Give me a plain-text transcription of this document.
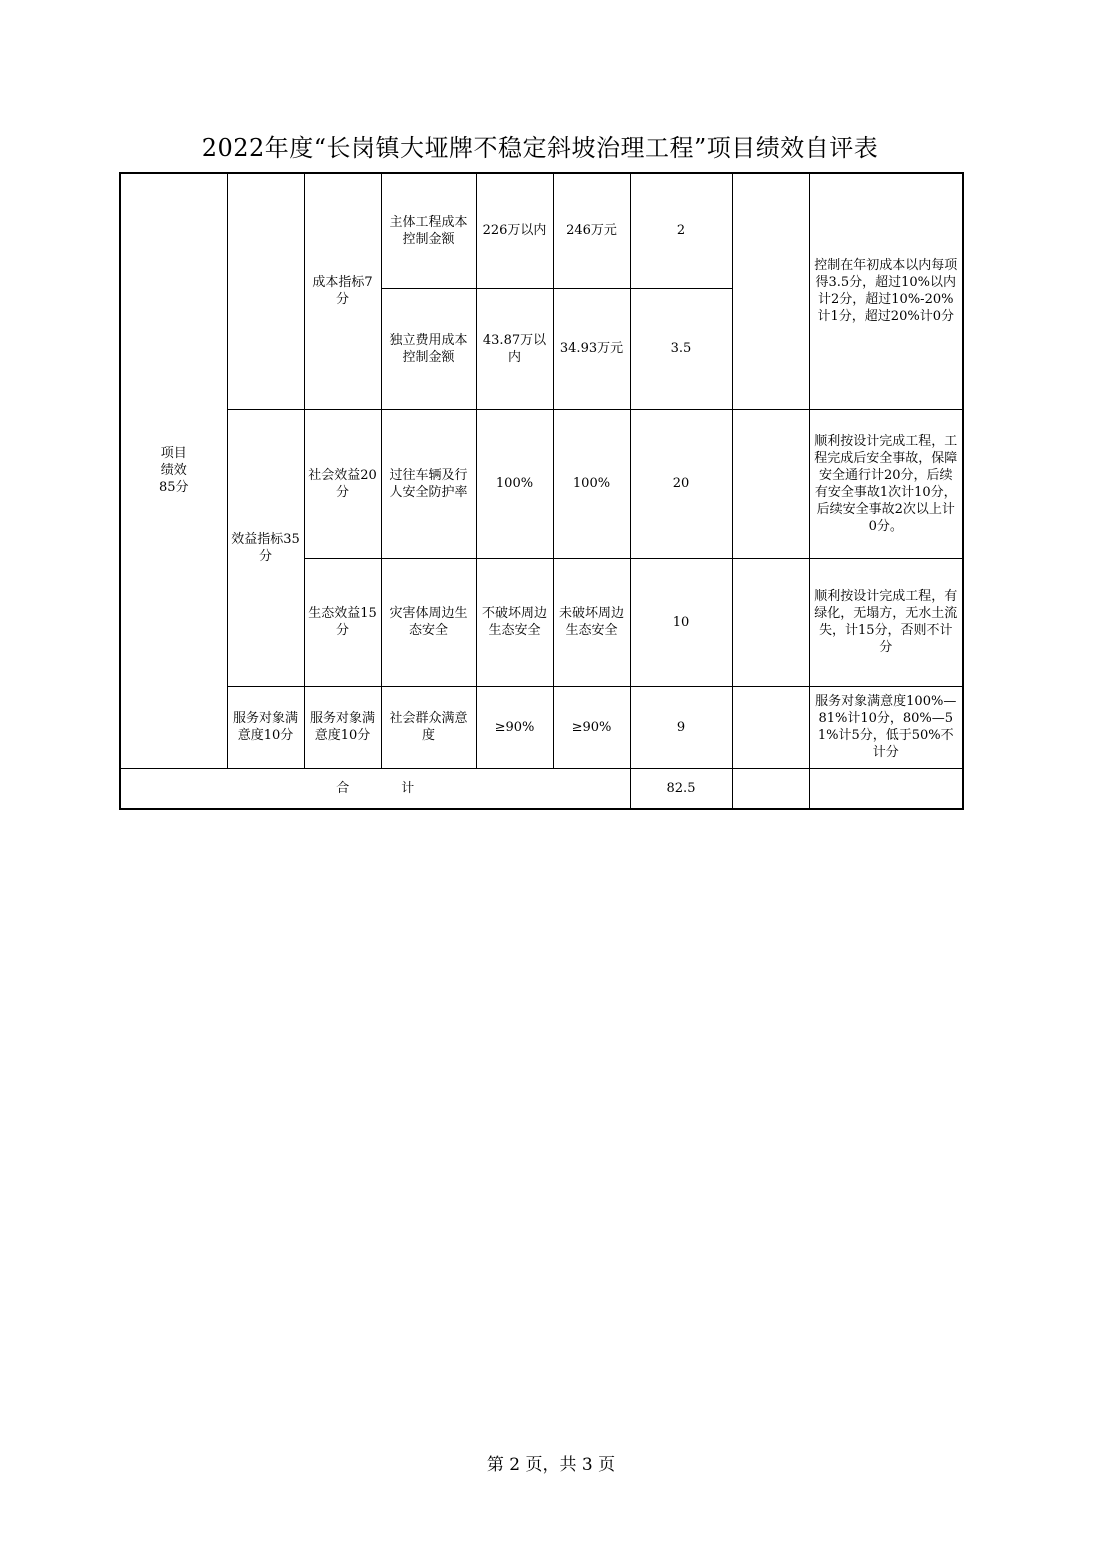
2022年度“长岗镇大垭牌不稳定斜坡治理工程”项目绩效自评表
项目
绩效
85分		成本指标7分	主体工程成本控制金额	226万以内	246万元	2		控制在年初成本以内每项得3.5分，超过10%以内计2分，超过10%-20%计1分，超过20%计0分
			独立费用成本控制金额	43.87万以内	34.93万元	3.5		
	效益指标35分	社会效益20分	过往车辆及行人安全防护率	100%	100%	20		顺利按设计完成工程，工程完成后安全事故，保障安全通行计20分，后续有安全事故1次计10分，后续安全事故2次以上计0分。
		生态效益15分	灾害体周边生态安全	不破坏周边生态安全	未破坏周边生态安全	10		顺利按设计完成工程，有绿化，无塌方，无水土流失，计15分，否则不计分
	服务对象满意度10分	服务对象满意度10分	社会群众满意度	≥90%	≥90%	9		服务对象满意度100%—81%计10分，80%—51%计5分，低于50%不计分
合 计						82.5		
第 2 页，共 3 页
